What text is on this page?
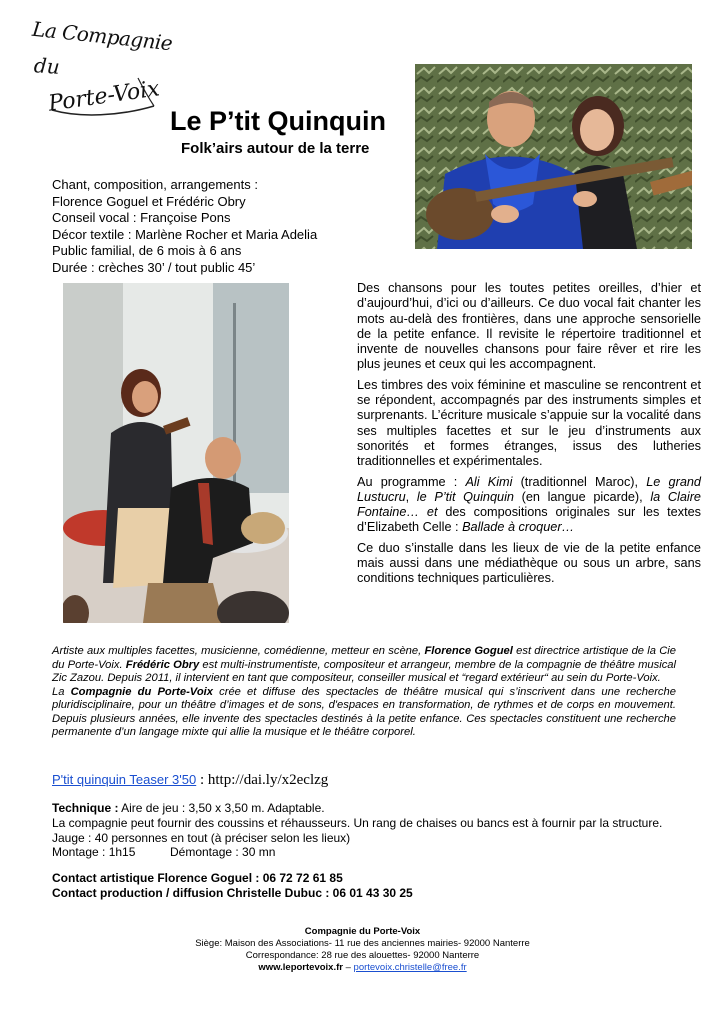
La Compagnie
du
Porte-Voix
Le P’tit Quinquin
Folk’airs autour de la terre
Chant, composition, arrangements :
Florence Goguel et Frédéric Obry
Conseil vocal : Françoise Pons
Décor textile : Marlène Rocher et Maria Adelia
Public familial, de 6 mois à 6 ans
Durée : crèches 30’ / tout public 45’

Des chansons pour les toutes petites oreilles, d’hier et d’aujourd’hui, d’ici ou d’ailleurs. Ce duo vocal fait chanter les mots au-delà des frontières, dans une approche sensorielle de la petite enfance. Il revisite le répertoire traditionnel et invente de nouvelles chansons pour faire rêver et rire les plus jeunes et ceux qui les accompagnent.

Les timbres des voix féminine et masculine se rencontrent et se répondent, accompagnés par des instruments simples et surprenants. L’écriture musicale s’appuie sur la vocalité dans ses multiples facettes et sur le jeu d’instruments aux sonorités et formes étranges, issus des lutheries traditionnelles et expérimentales.

Au programme : Ali Kimi (traditionnel Maroc), Le grand Lustucru, le P’tit Quinquin (en langue picarde), la Claire Fontaine… et des compositions originales sur les textes d’Elizabeth Celle : Ballade à croquer…

Ce duo s’installe dans les lieux de vie de la petite enfance mais aussi dans une médiathèque ou sous un arbre, sans conditions techniques particulières.

Artiste aux multiples facettes, musicienne, comédienne, metteur en scène, Florence Goguel est directrice artistique de la Cie du Porte-Voix. Frédéric Obry est multi-instrumentiste, compositeur et arrangeur, membre de la compagnie de théâtre musical Zic Zazou. Depuis 2011, il intervient en tant que compositeur, conseiller musical et “regard extérieur“ au sein du Porte-Voix.

La Compagnie du Porte-Voix crée et diffuse des spectacles de théâtre musical qui s’inscrivent dans une recherche pluridisciplinaire, pour un théâtre d’images et de sons, d'espaces en transformation, de rythmes et de corps en mouvement. Depuis plusieurs années, elle invente des spectacles destinés à la petite enfance. Ces spectacles constituent une recherche permanente d’un langage mixte qui allie la musique et le théâtre corporel.

P'tit quinquin Teaser 3'50 : http://dai.ly/x2eclzg
Technique : Aire de jeu : 3,50 x 3,50 m. Adaptable.
La compagnie peut fournir des coussins et réhausseurs. Un rang de chaises ou bancs est à fournir par la structure.
Jauge : 40 personnes en tout (à préciser selon les lieux)
Montage : 1h15	Démontage : 30 mn
Contact artistique Florence Goguel : 06 72 72 61 85
Contact production / diffusion Christelle Dubuc : 06 01 43 30 25
Compagnie du Porte-Voix
Siège: Maison des Associations- 11 rue des anciennes mairies- 92000 Nanterre
Correspondance: 28 rue des alouettes- 92000 Nanterre
www.leportevoix.fr – portevoix.christelle@free.fr
